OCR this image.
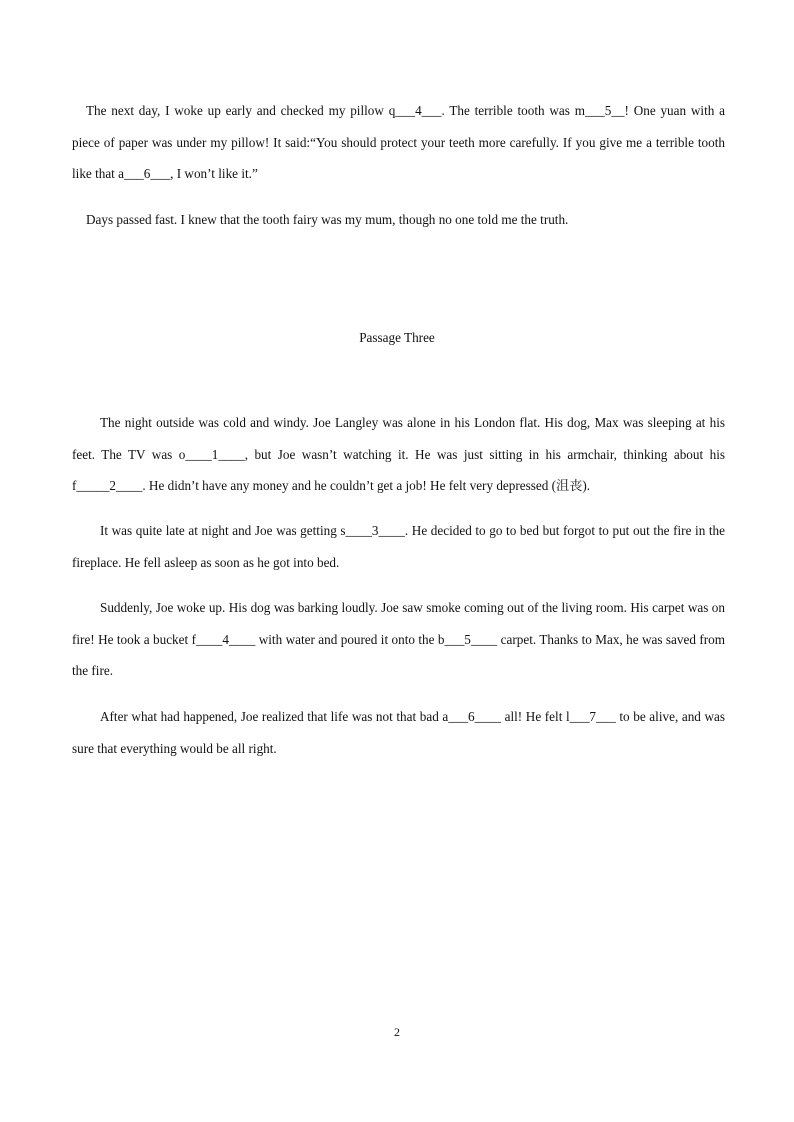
The next day, I woke up early and checked my pillow q___4___. The terrible tooth was m___5__! One yuan with a piece of paper was under my pillow! It said:“You should protect your teeth more carefully. If you give me a terrible tooth like that a___6___, I won’t like it.”

Days passed fast. I knew that the tooth fairy was my mum, though no one told me the truth.

Passage Three

The night outside was cold and windy. Joe Langley was alone in his London flat. His dog, Max was sleeping at his feet. The TV was o____1____, but Joe wasn’t watching it. He was just sitting in his armchair, thinking about his f_____2____. He didn’t have any money and he couldn’t get a job! He felt very depressed (沮丧).

It was quite late at night and Joe was getting s____3____. He decided to go to bed but forgot to put out the fire in the fireplace. He fell asleep as soon as he got into bed.

Suddenly, Joe woke up. His dog was barking loudly. Joe saw smoke coming out of the living room. His carpet was on fire! He took a bucket f____4____ with water and poured it onto the b___5____ carpet. Thanks to Max, he was saved from the fire.

After what had happened, Joe realized that life was not that bad a___6____ all! He felt l___7___ to be alive, and was sure that everything would be all right.

2
